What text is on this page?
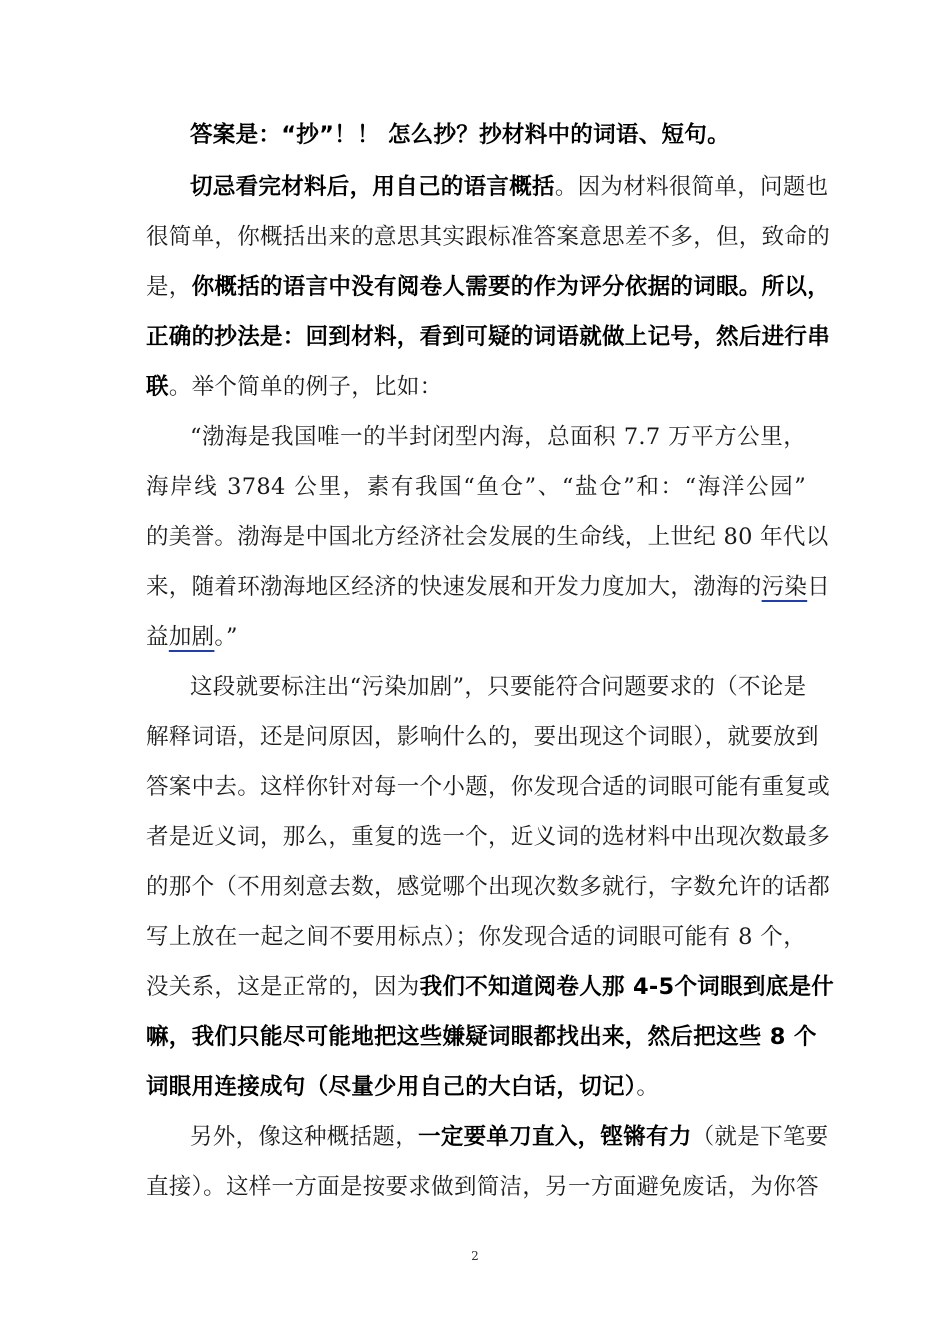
答案是：“抄”！！ 怎么抄？抄材料中的词语、短句。
切忌看完材料后，用自己的语言概括。因为材料很简单，问题也
很简单，你概括出来的意思其实跟标准答案意思差不多，但，致命的
是，你概括的语言中没有阅卷人需要的作为评分依据的词眼。所以，
正确的抄法是：回到材料，看到可疑的词语就做上记号，然后进行串
联。举个简单的例子，比如：
“渤海是我国唯一的半封闭型内海，总面积 7.7 万平方公里，
海岸线 3784 公里，素有我国“鱼仓”、“盐仓”和：“海洋公园”
的美誉。渤海是中国北方经济社会发展的生命线，上世纪 80 年代以
来，随着环渤海地区经济的快速发展和开发力度加大，渤海的污染日
益加剧。”
这段就要标注出“污染加剧”，只要能符合问题要求的（不论是
解释词语，还是问原因，影响什么的，要出现这个词眼），就要放到
答案中去。这样你针对每一个小题，你发现合适的词眼可能有重复或
者是近义词，那么，重复的选一个，近义词的选材料中出现次数最多
的那个（不用刻意去数，感觉哪个出现次数多就行，字数允许的话都
写上放在一起之间不要用标点）；你发现合适的词眼可能有 8 个，
没关系，这是正常的，因为我们不知道阅卷人那 4-5个词眼到底是什
嘛，我们只能尽可能地把这些嫌疑词眼都找出来，然后把这些 8 个
词眼用连接成句（尽量少用自己的大白话，切记）。
另外，像这种概括题，一定要单刀直入，铿锵有力（就是下笔要
直接）。这样一方面是按要求做到简洁，另一方面避免废话，为你答
2
